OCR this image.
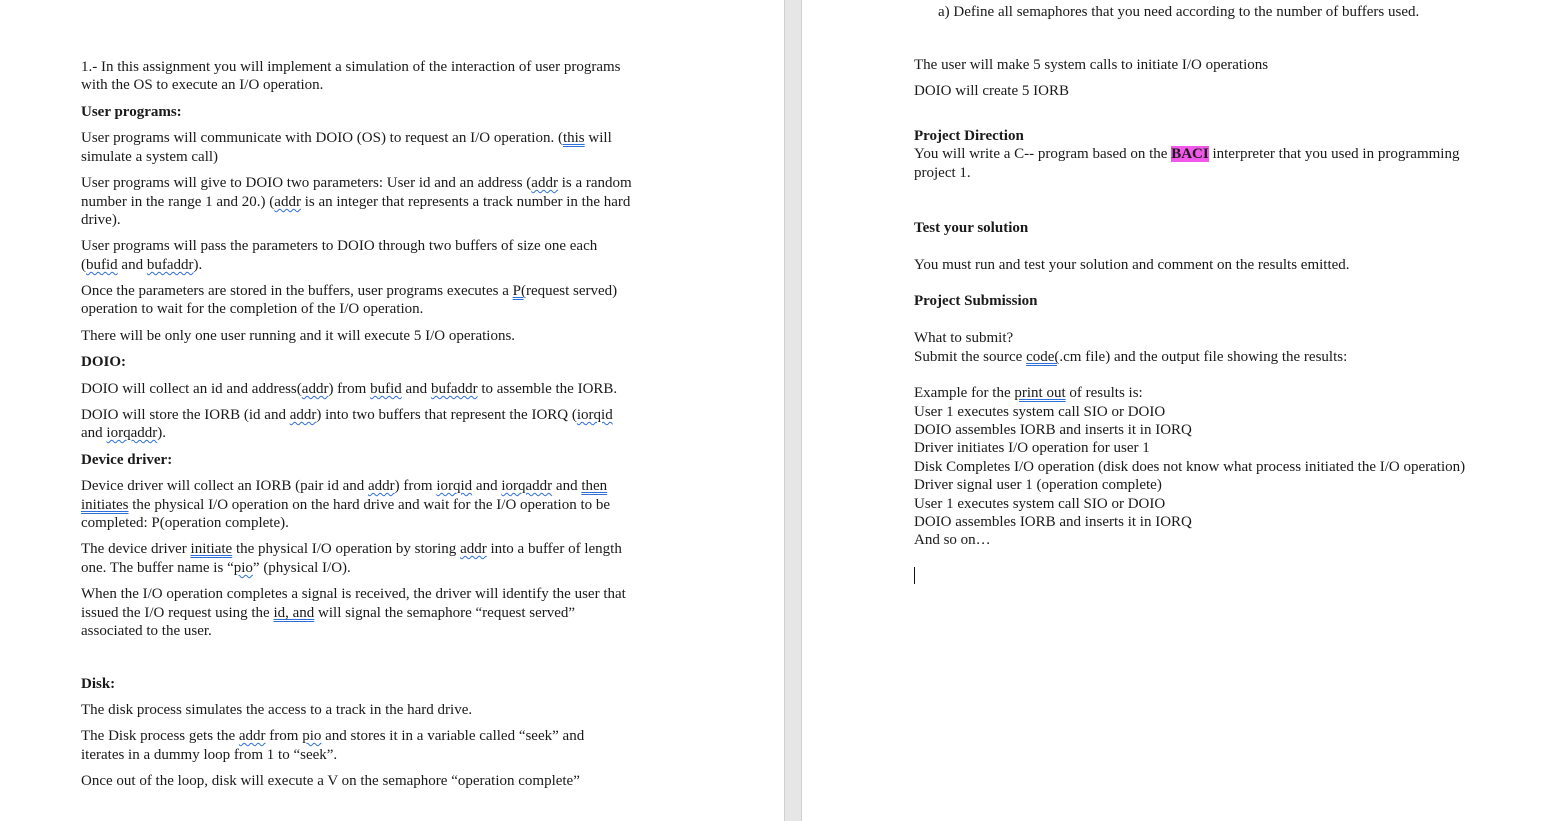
1.- In this assignment you will implement a simulation of the interaction of user programs

with the OS to execute an I/O operation.

User programs:

User programs will communicate with DOIO (OS) to request an I/O operation. (this will

simulate a system call)

User programs will give to DOIO two parameters: User id and an address (addr is a random

number in the range 1 and 20.) (addr is an integer that represents a track number in the hard

drive).

User programs will pass the parameters to DOIO through two buffers of size one each

(bufid and bufaddr).

Once the parameters are stored in the buffers, user programs executes a P(request served)

operation to wait for the completion of the I/O operation.

There will be only one user running and it will execute 5 I/O operations.

DOIO:

DOIO will collect an id and address(addr) from bufid and bufaddr to assemble the IORB.

DOIO will store the IORB (id and addr) into two buffers that represent the IORQ (iorqid

and iorqaddr).

Device driver:

Device driver will collect an IORB (pair id and addr) from iorqid and iorqaddr and then

initiates the physical I/O operation on the hard drive and wait for the I/O operation to be

completed: P(operation complete).

The device driver initiate the physical I/O operation by storing addr into a buffer of length

one. The buffer name is “pio” (physical I/O).

When the I/O operation completes a signal is received, the driver will identify the user that

issued the I/O request using the id, and will signal the semaphore “request served”

associated to the user.

Disk:

The disk process simulates the access to a track in the hard drive.

The Disk process gets the addr from pio and stores it in a variable called “seek” and

iterates in a dummy loop from 1 to “seek”.

Once out of the loop, disk will execute a V on the semaphore “operation complete”

a) Define all semaphores that you need according to the number of buffers used.

The user will make 5 system calls to initiate I/O operations

DOIO will create 5 IORB

Project Direction

You will write a C-- program based on the BACI interpreter that you used in programming

project 1.

Test your solution

You must run and test your solution and comment on the results emitted.

Project Submission

What to submit?

Submit the source code(.cm file) and the output file showing the results:

Example for the print out of results is:

User 1 executes system call SIO or DOIO

DOIO assembles IORB and inserts it in IORQ

Driver initiates I/O operation for user 1

Disk Completes I/O operation (disk does not know what process initiated the I/O operation)

Driver signal user 1 (operation complete)

User 1 executes system call SIO or DOIO

DOIO assembles IORB and inserts it in IORQ

And so on…
